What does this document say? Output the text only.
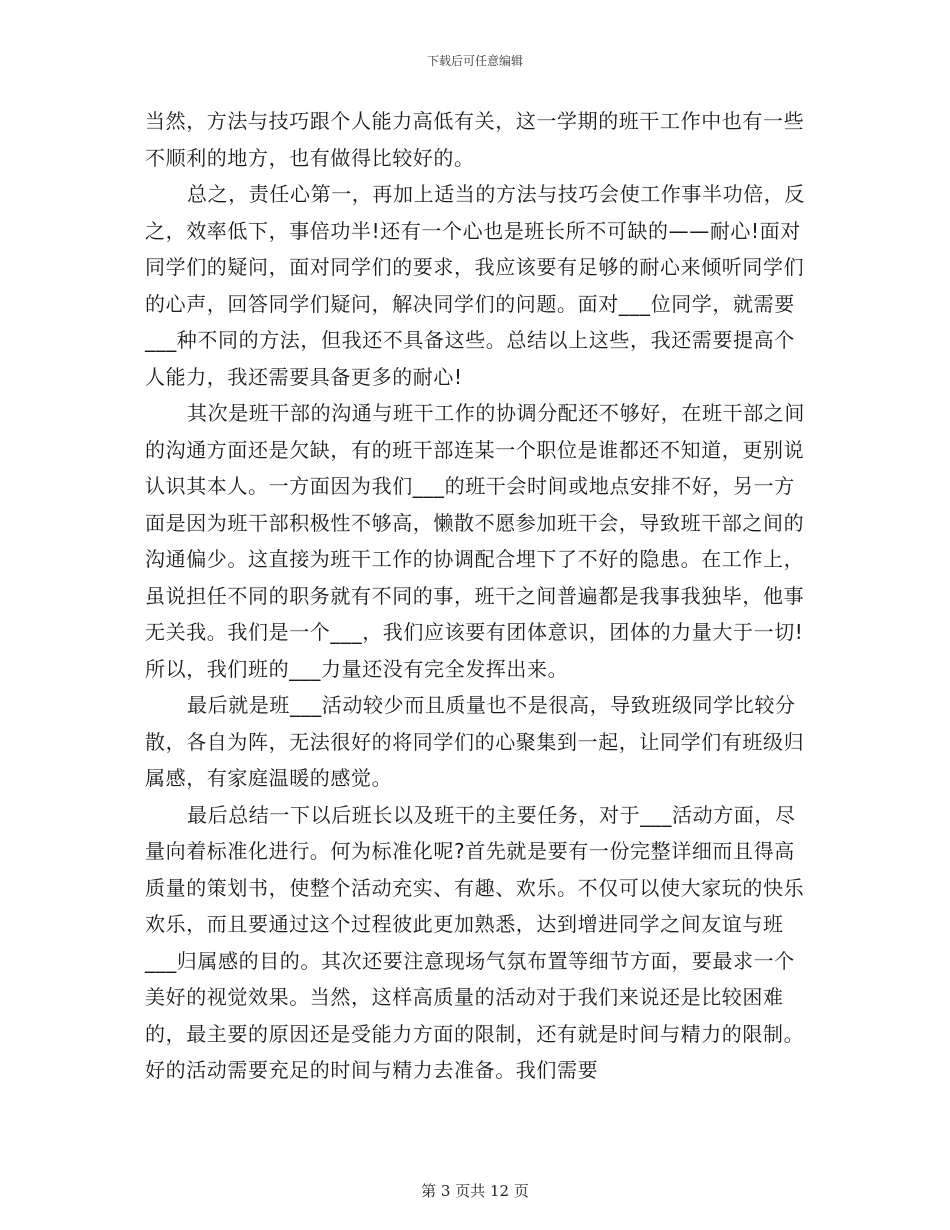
下载后可任意编辑

当然，方法与技巧跟个人能力高低有关，这一学期的班干工作中也有一些不顺利的地方，也有做得比较好的。

总之，责任心第一，再加上适当的方法与技巧会使工作事半功倍，反之，效率低下，事倍功半!还有一个心也是班长所不可缺的——耐心!面对同学们的疑问，面对同学们的要求，我应该要有足够的耐心来倾听同学们的心声，回答同学们疑问，解决同学们的问题。面对___位同学，就需要___种不同的方法，但我还不具备这些。总结以上这些，我还需要提高个人能力，我还需要具备更多的耐心!

其次是班干部的沟通与班干工作的协调分配还不够好，在班干部之间的沟通方面还是欠缺，有的班干部连某一个职位是谁都还不知道，更别说认识其本人。一方面因为我们___的班干会时间或地点安排不好，另一方面是因为班干部积极性不够高，懒散不愿参加班干会，导致班干部之间的沟通偏少。这直接为班干工作的协调配合埋下了不好的隐患。在工作上，虽说担任不同的职务就有不同的事，班干之间普遍都是我事我独毕，他事无关我。我们是一个___，我们应该要有团体意识，团体的力量大于一切!所以，我们班的___力量还没有完全发挥出来。

最后就是班___活动较少而且质量也不是很高，导致班级同学比较分散，各自为阵，无法很好的将同学们的心聚集到一起，让同学们有班级归属感，有家庭温暖的感觉。

最后总结一下以后班长以及班干的主要任务，对于___活动方面，尽量向着标准化进行。何为标准化呢?首先就是要有一份完整详细而且得高质量的策划书，使整个活动充实、有趣、欢乐。不仅可以使大家玩的快乐欢乐，而且要通过这个过程彼此更加熟悉，达到增进同学之间友谊与班___归属感的目的。其次还要注意现场气氛布置等细节方面，要最求一个美好的视觉效果。当然，这样高质量的活动对于我们来说还是比较困难的，最主要的原因还是受能力方面的限制，还有就是时间与精力的限制。好的活动需要充足的时间与精力去准备。我们需要

第 3 页共 12 页
